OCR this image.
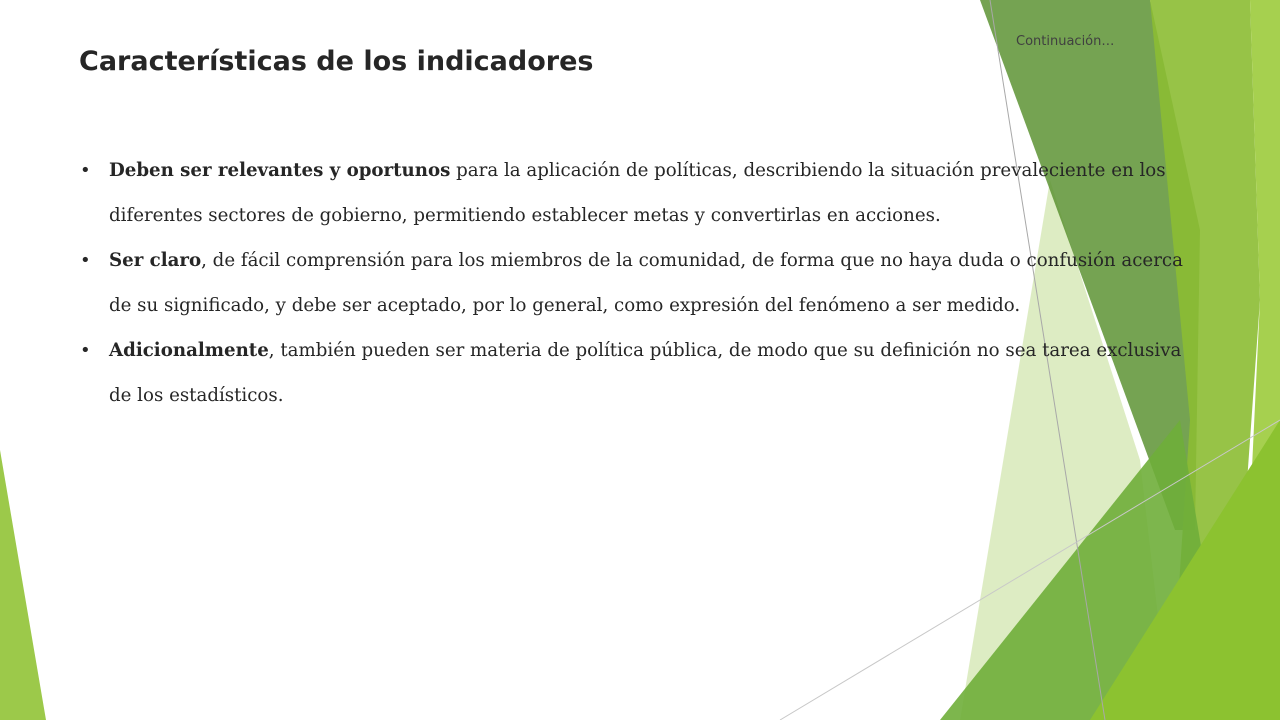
Características de los indicadores
Continuación…
• Deben ser relevantes y oportunos para la aplicación de políticas, describiendo la situación prevaleciente en los diferentes sectores de gobierno, permitiendo establecer metas y convertirlas en acciones.
• Ser claro, de fácil comprensión para los miembros de la comunidad, de forma que no haya duda o confusión acerca de su significado, y debe ser aceptado, por lo general, como expresión del fenómeno a ser medido.
• Adicionalmente, también pueden ser materia de política pública, de modo que su definición no sea tarea exclusiva de los estadísticos.
